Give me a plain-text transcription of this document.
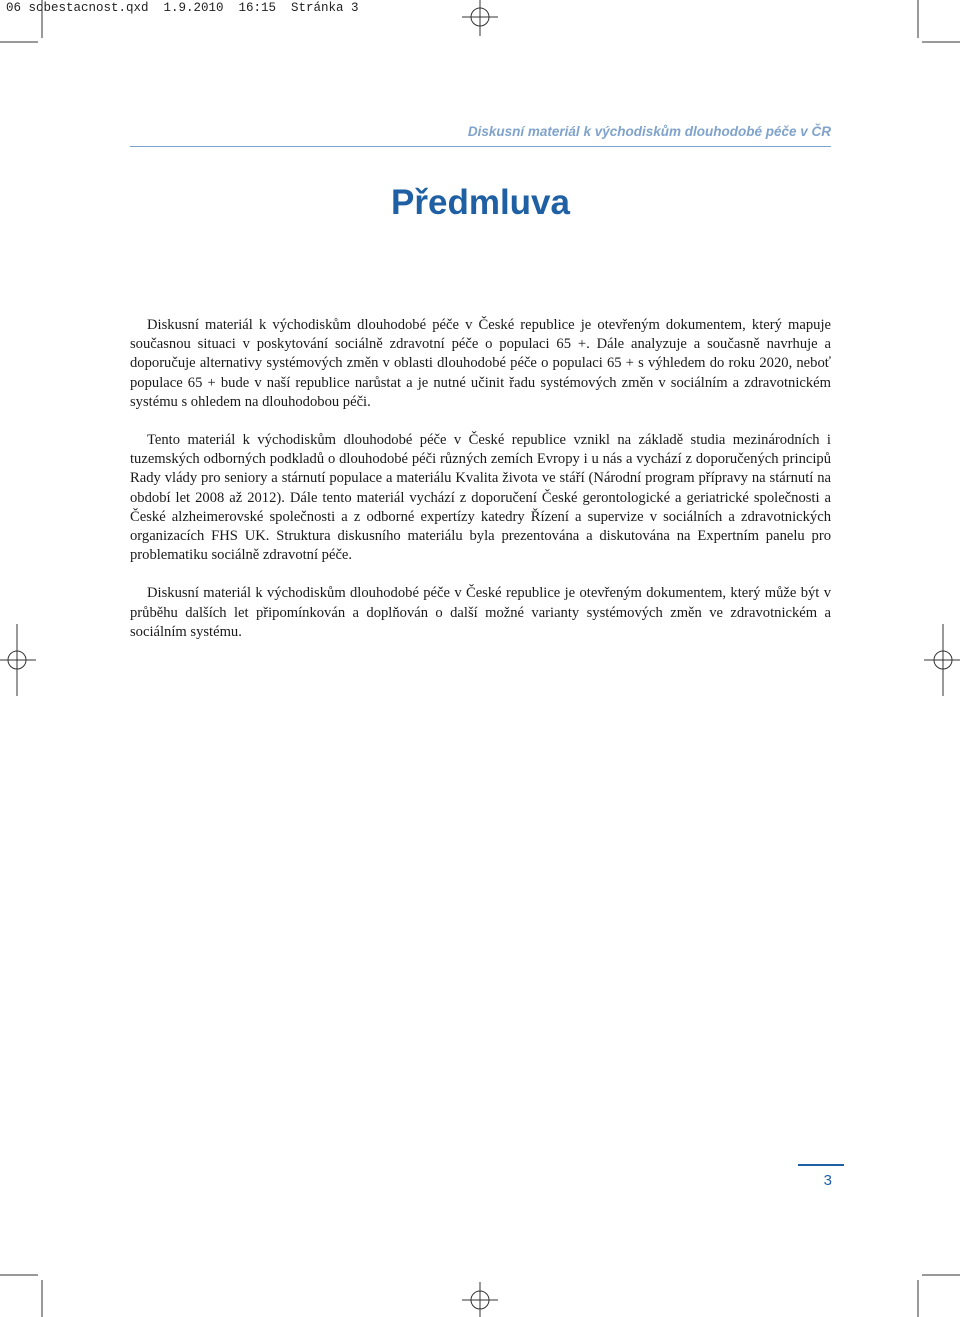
06 sobestacnost.qxd  1.9.2010  16:15  Stránka 3
Diskusní materiál k východiskům dlouhodobé péče v ČR
Předmluva

Diskusní materiál k východiskům dlouhodobé péče v České republice je otevřeným dokumentem, který mapuje současnou situaci v poskytování sociálně zdravotní péče o populaci 65 +. Dále analyzuje a současně navrhuje a doporučuje alternativy systémových změn v oblasti dlouhodobé péče o populaci 65 + s výhledem do roku 2020, neboť populace 65 + bude v naší republice narůstat a je nutné učinit řadu systémových změn v sociálním a zdravotnickém systému s ohledem na dlouhodobou péči.

Tento materiál k východiskům dlouhodobé péče v České republice vznikl na základě studia mezinárodních i tuzemských odborných podkladů o dlouhodobé péči různých zemích Evropy i u nás a vychází z doporučených principů Rady vlády pro seniory a stárnutí populace a materiálu Kvalita života ve stáří (Národní program přípravy na stárnutí na období let 2008 až 2012). Dále tento materiál vychází z doporučení České gerontologické a geriatrické společnosti a České alzheimerovské společnosti a z odborné expertízy katedry Řízení a supervize v sociálních a zdravotnických organizacích FHS UK. Struktura diskusního materiálu byla prezentována a diskutována na Expertním panelu pro problematiku sociálně zdravotní péče.

Diskusní materiál k východiskům dlouhodobé péče v České republice je otevřeným dokumentem, který může být v průběhu dalších let připomínkován a doplňován o další možné varianty systémových změn ve zdravotnickém a sociálním systému.

3
